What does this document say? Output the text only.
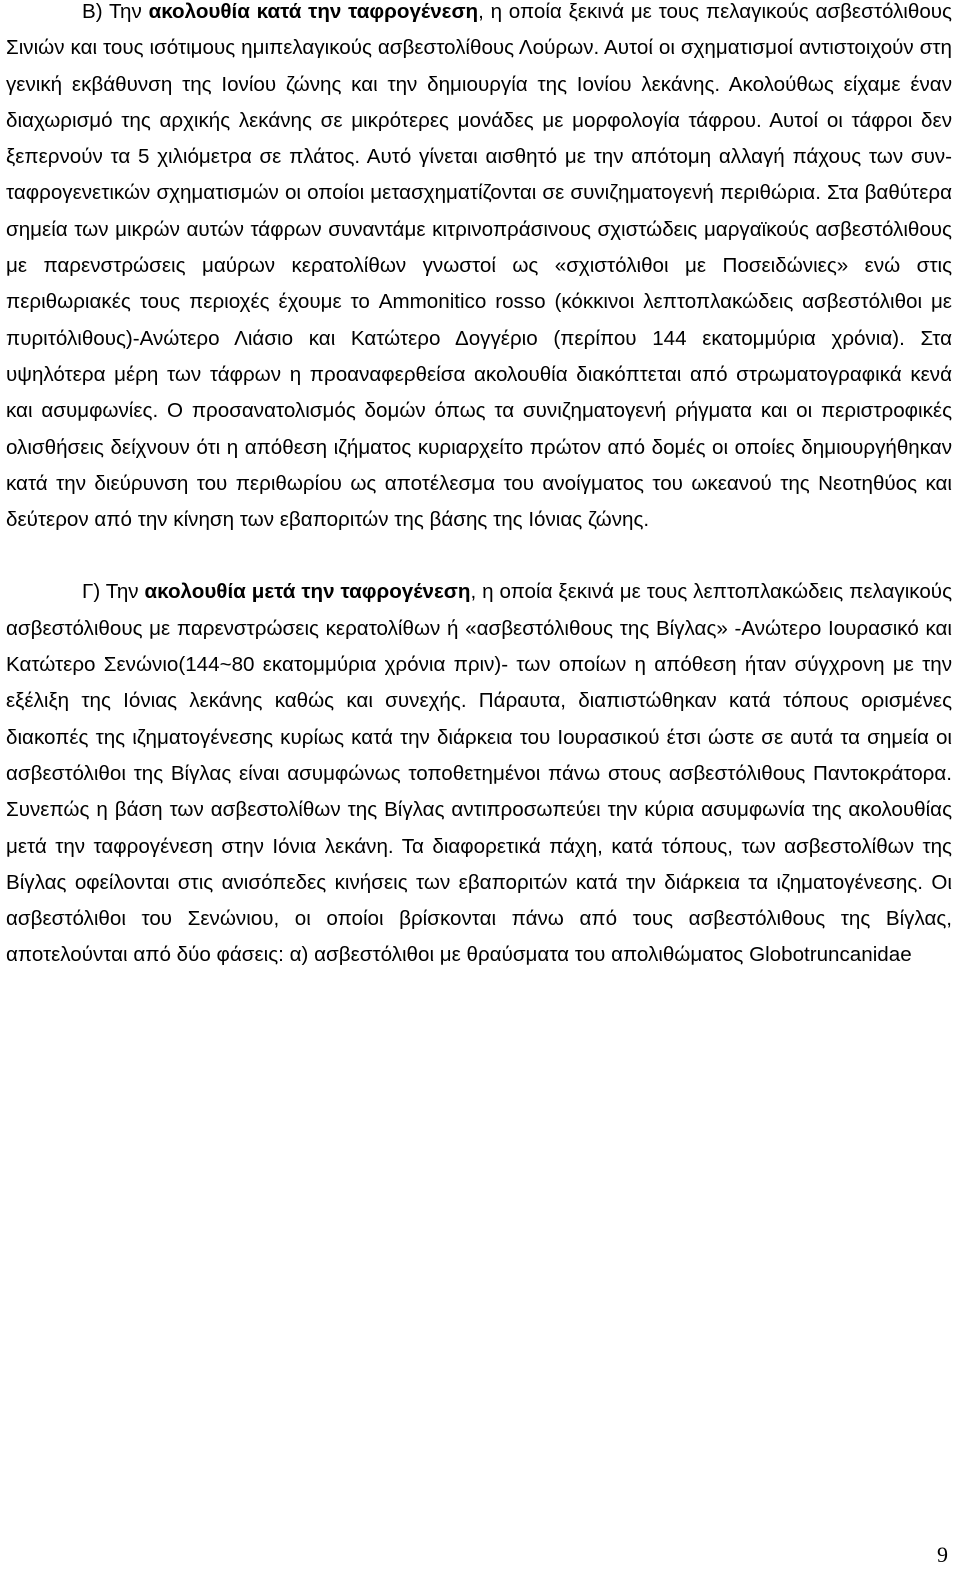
Β) Την ακολουθία κατά την ταφρογένεση, η οποία ξεκινά με τους πελαγικούς ασβεστόλιθους Σινιών και τους ισότιμους ημιπελαγικούς ασβεστολίθους Λούρων. Αυτοί οι σχηματισμοί αντιστοιχούν στη γενική εκβάθυνση της Ιονίου ζώνης και την δημιουργία της Ιονίου λεκάνης. Ακολούθως είχαμε έναν διαχωρισμό της αρχικής λεκάνης σε μικρότερες μονάδες με μορφολογία τάφρου. Αυτοί οι τάφροι δεν ξεπερνούν τα 5 χιλιόμετρα σε πλάτος. Αυτό γίνεται αισθητό με την απότομη αλλαγή πάχους των συν-ταφρογενετικών σχηματισμών οι οποίοι μετασχηματίζονται σε συνιζηματογενή περιθώρια. Στα βαθύτερα σημεία των μικρών αυτών τάφρων συναντάμε κιτρινοπράσινους σχιστώδεις μαργαϊκούς ασβεστόλιθους με παρενστρώσεις μαύρων κερατολίθων γνωστοί ως «σχιστόλιθοι με Ποσειδώνιες» ενώ στις περιθωριακές τους περιοχές έχουμε το Ammonitico rosso (κόκκινοι λεπτοπλακώδεις ασβεστόλιθοι με πυριτόλιθους)-Ανώτερο Λιάσιο και Κατώτερο Δογγέριο (περίπου 144 εκατομμύρια χρόνια). Στα υψηλότερα μέρη των τάφρων η προαναφερθείσα ακολουθία διακόπτεται από στρωματογραφικά κενά και ασυμφωνίες. Ο προσανατολισμός δομών όπως τα συνιζηματογενή ρήγματα και οι περιστροφικές ολισθήσεις δείχνουν ότι η απόθεση ιζήματος κυριαρχείτο πρώτον από δομές οι οποίες δημιουργήθηκαν κατά την διεύρυνση του περιθωρίου ως αποτέλεσμα του ανοίγματος του ωκεανού της Νεοτηθύος και δεύτερον από την κίνηση των εβαποριτών της βάσης της Ιόνιας ζώνης.

Γ) Την ακολουθία μετά την ταφρογένεση, η οποία ξεκινά με τους λεπτοπλακώδεις πελαγικούς ασβεστόλιθους με παρενστρώσεις κερατολίθων ή «ασβεστόλιθους της Βίγλας» -Ανώτερο Ιουρασικό και Κατώτερο Σενώνιο(144~80 εκατομμύρια χρόνια πριν)- των οποίων η απόθεση ήταν σύγχρονη με την εξέλιξη της Ιόνιας λεκάνης καθώς και συνεχής. Πάραυτα, διαπιστώθηκαν κατά τόπους ορισμένες διακοπές της ιζηματογένεσης κυρίως κατά την διάρκεια του Ιουρασικού έτσι ώστε σε αυτά τα σημεία οι ασβεστόλιθοι της Βίγλας είναι ασυμφώνως τοποθετημένοι πάνω στους ασβεστόλιθους Παντοκράτορα. Συνεπώς η βάση των ασβεστολίθων της Βίγλας αντιπροσωπεύει την κύρια ασυμφωνία της ακολουθίας μετά την ταφρογένεση στην Ιόνια λεκάνη. Τα διαφορετικά πάχη, κατά τόπους, των ασβεστολίθων της Βίγλας οφείλονται στις ανισόπεδες κινήσεις των εβαποριτών κατά την διάρκεια τα ιζηματογένεσης. Οι ασβεστόλιθοι του Σενώνιου, οι οποίοι βρίσκονται πάνω από τους ασβεστόλιθους της Βίγλας, αποτελούνται από δύο φάσεις: α) ασβεστόλιθοι με θραύσματα του απολιθώματος Globotruncanidae

9
